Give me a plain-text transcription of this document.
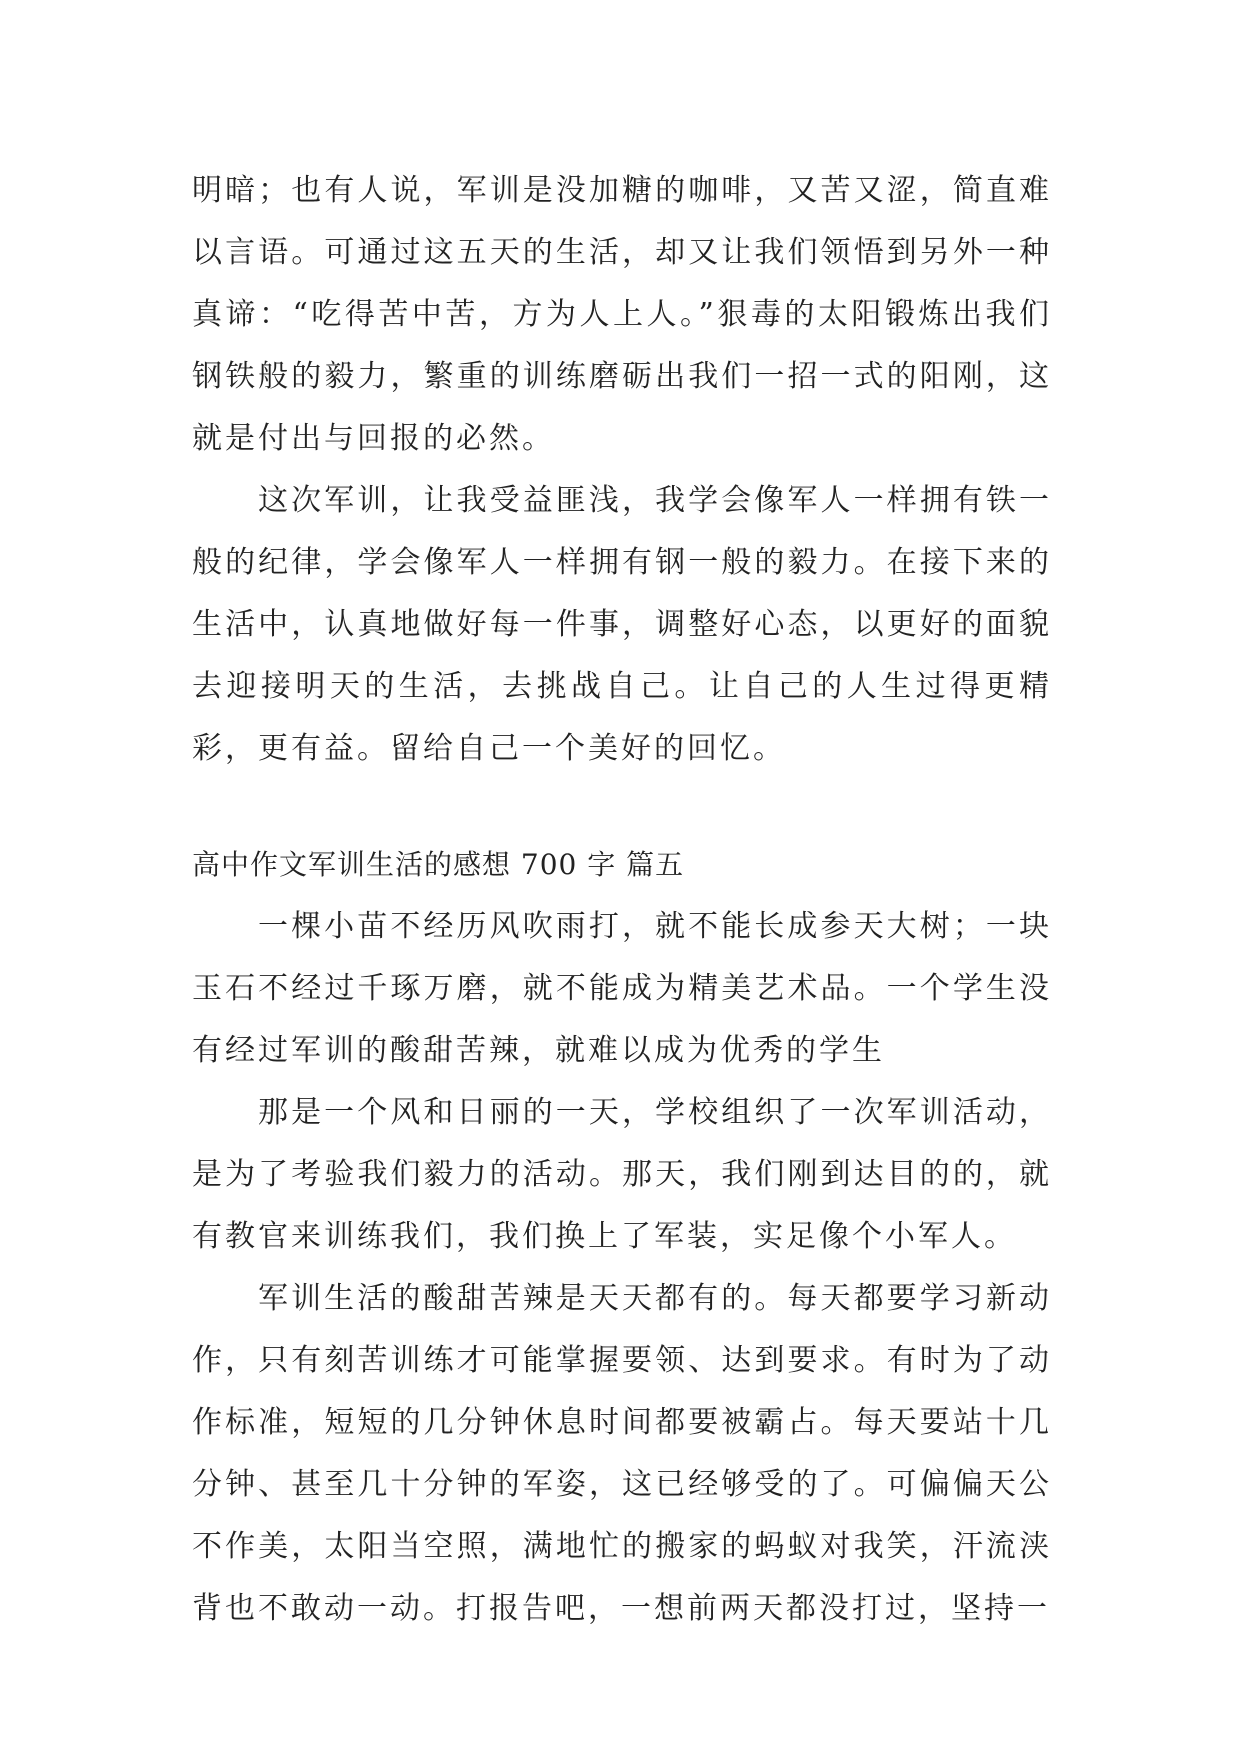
明暗；也有人说，军训是没加糖的咖啡，又苦又涩，简直难以言语。可通过这五天的生活，却又让我们领悟到另外一种真谛：“吃得苦中苦，方为人上人。”狠毒的太阳锻炼出我们钢铁般的毅力，繁重的训练磨砺出我们一招一式的阳刚，这就是付出与回报的必然。

这次军训，让我受益匪浅，我学会像军人一样拥有铁一般的纪律，学会像军人一样拥有钢一般的毅力。在接下来的生活中，认真地做好每一件事，调整好心态，以更好的面貌去迎接明天的生活，去挑战自己。让自己的人生过得更精彩，更有益。留给自己一个美好的回忆。

高中作文军训生活的感想 700 字 篇五

一棵小苗不经历风吹雨打，就不能长成参天大树；一块玉石不经过千琢万磨，就不能成为精美艺术品。一个学生没有经过军训的酸甜苦辣，就难以成为优秀的学生

那是一个风和日丽的一天，学校组织了一次军训活动，是为了考验我们毅力的活动。那天，我们刚到达目的的，就有教官来训练我们，我们换上了军装，实足像个小军人。

军训生活的酸甜苦辣是天天都有的。每天都要学习新动作，只有刻苦训练才可能掌握要领、达到要求。有时为了动作标准，短短的几分钟休息时间都要被霸占。每天要站十几分钟、甚至几十分钟的军姿，这已经够受的了。可偏偏天公不作美，太阳当空照，满地忙的搬家的蚂蚁对我笑，汗流浃背也不敢动一动。打报告吧，一想前两天都没打过，坚持一
